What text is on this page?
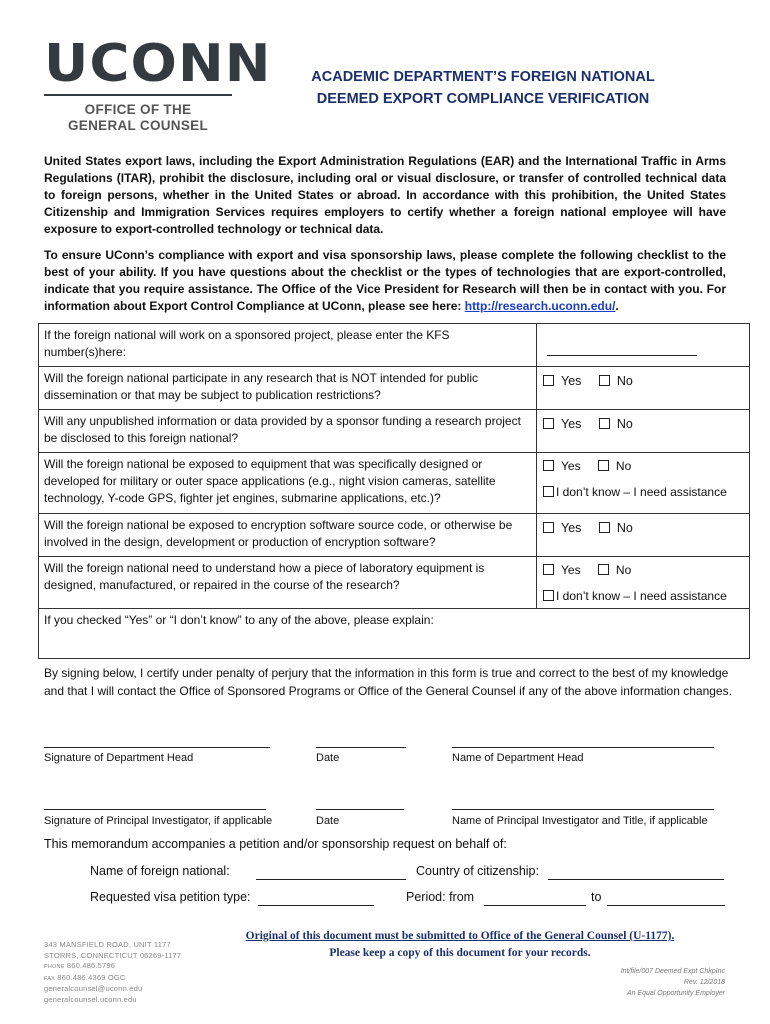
UCONN
OFFICE OF THE
GENERAL COUNSEL
ACADEMIC DEPARTMENT’S FOREIGN NATIONAL
DEEMED EXPORT COMPLIANCE VERIFICATION
United States export laws, including the Export Administration Regulations (EAR) and the International Traffic in Arms Regulations (ITAR), prohibit the disclosure, including oral or visual disclosure, or transfer of controlled technical data to foreign persons, whether in the United States or abroad. In accordance with this prohibition, the United States Citizenship and Immigration Services requires employers to certify whether a foreign national employee will have exposure to export-controlled technology or technical data.
To ensure UConn’s compliance with export and visa sponsorship laws, please complete the following checklist to the best of your ability. If you have questions about the checklist or the types of technologies that are export-controlled, indicate that you require assistance. The Office of the Vice President for Research will then be in contact with you. For information about Export Control Compliance at UConn, please see here: http://research.uconn.edu/.
If the foreign national will work on a sponsored project, please enter the KFS number(s)here:	

Will the foreign national participate in any research that is NOT intended for public dissemination or that may be subject to publication restrictions?	Yes No
Will any unpublished information or data provided by a sponsor funding a research project be disclosed to this foreign national?	Yes No
Will the foreign national be exposed to equipment that was specifically designed or developed for military or outer space applications (e.g., night vision cameras, satellite technology, Y-code GPS, fighter jet engines, submarine applications, etc.)?	Yes No
I don’t know – I need assistance

Will the foreign national be exposed to encryption software source code, or otherwise be involved in the design, development or production of encryption software?	Yes No
Will the foreign national need to understand how a piece of laboratory equipment is designed, manufactured, or repaired in the course of the research?	Yes No
I don’t know – I need assistance

If you checked “Yes” or “I don’t know” to any of the above, please explain:	
By signing below, I certify under penalty of perjury that the information in this form is true and correct to the best of my knowledge and that I will contact the Office of Sponsored Programs or Office of the General Counsel if any of the above information changes.
Signature of Department Head	Date	Name of Department Head
Signature of Principal Investigator, if applicable	Date	Name of Principal Investigator and Title, if applicable
This memorandum accompanies a petition and/or sponsorship request on behalf of:
Name of foreign national:	Country of citizenship:
Requested visa petition type:	Period: from	to
343 MANSFIELD ROAD, UNIT 1177
STORRS, CONNECTICUT 06269-1177
PHONE 860.486.5796
FAX 860.486.4369 OGC
generalcounsel@uconn.edu
generalcounsel.uconn.edu
Original of this document must be submitted to Office of the General Counsel (U-1177).
Please keep a copy of this document for your records.
Int/file/007 Deemed Expt ChkpInc
Rev. 12/2018
An Equal Opportunity Employer
